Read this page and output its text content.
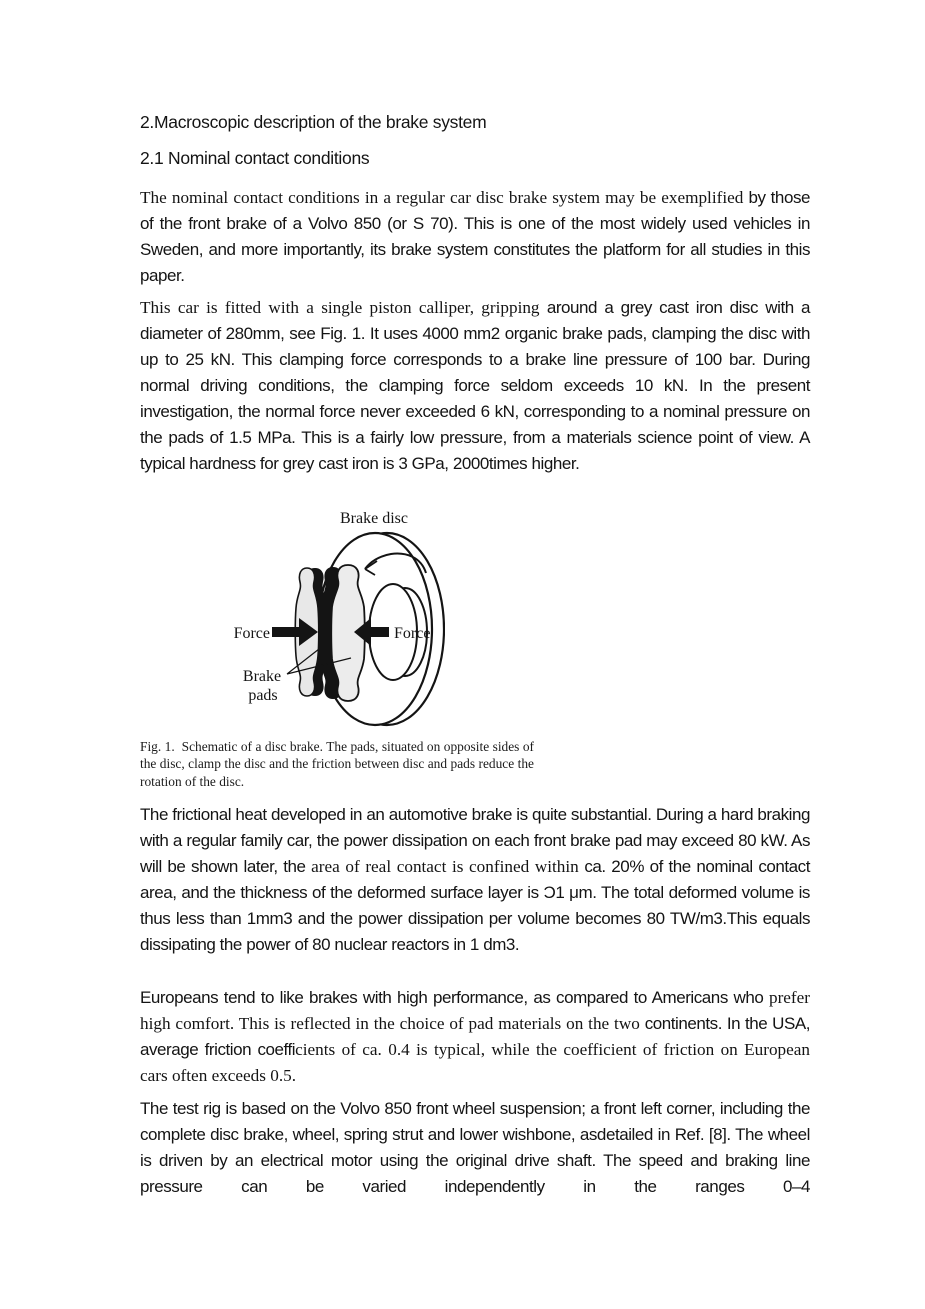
2.Macroscopic description of the brake system
2.1 Nominal contact conditions

The nominal contact conditions in a regular car disc brake system may be exemplified by those of the front brake of a Volvo 850 (or S 70). This is one of the most widely used vehicles in Sweden, and more importantly, its brake system constitutes the platform for all studies in this paper.

This car is fitted with a single piston calliper, gripping around a grey cast iron disc with a diameter of 280mm, see Fig. 1. It uses 4000 mm2 organic brake pads, clamping the disc with up to 25 kN. This clamping force corresponds to a brake line pressure of 100 bar. During normal driving conditions, the clamping force seldom exceeds 10 kN. In the present investigation, the normal force never exceeded 6 kN, corresponding to a nominal pressure on the pads of 1.5 MPa. This is a fairly low pressure, from a materials science point of view. A typical hardness for grey cast iron is 3 GPa, 2000times higher.

Brake disc
Force	Force
Brake
pads
Fig. 1.  Schematic of a disc brake. The pads, situated on opposite sides of the disc, clamp the disc and the friction between disc and pads reduce the rotation of the disc.

The frictional heat developed in an automotive brake is quite substantial. During a hard braking with a regular family car, the power dissipation on each front brake pad may exceed 80 kW. As will be shown later, the area of real contact is confined within ca. 20% of the nominal contact area, and the thickness of the deformed surface layer is Ɔ1 μm. The total deformed volume is thus less than 1mm3 and the power dissipation per volume becomes 80 TW/m3.This equals dissipating the power of 80 nuclear reactors in 1 dm3.

Europeans tend to like brakes with high performance, as compared to Americans who prefer high comfort. This is reflected in the choice of pad materials on the two continents. In the USA, average friction coefficients of ca. 0.4 is typical, while the coefficient of friction on European cars often exceeds 0.5.

The test rig is based on the Volvo 850 front wheel suspension; a front left corner, including the complete disc brake, wheel, spring strut and lower wishbone, asdetailed in Ref. [8]. The wheel is driven by an electrical motor using the original drive shaft. The speed and braking line pressure can be varied independently in the ranges 0–4
